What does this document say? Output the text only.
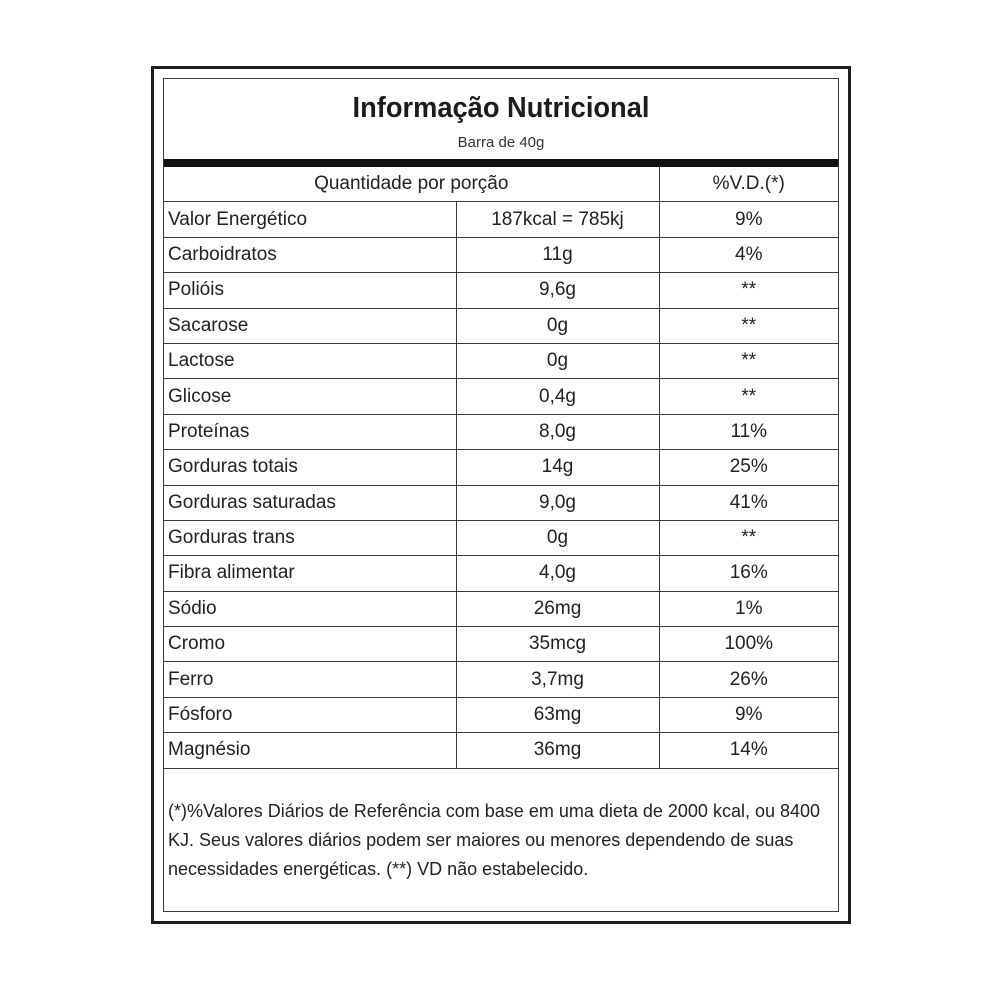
Informação Nutricional
Barra de 40g
Quantidade por porção		%V.D.(*)
Valor Energético	187kcal = 785kj	9%
Carboidratos	11g	4%
Polióis	9,6g	**
Sacarose	0g	**
Lactose	0g	**
Glicose	0,4g	**
Proteínas	8,0g	11%
Gorduras totais	14g	25%
Gorduras saturadas	9,0g	41%
Gorduras trans	0g	**
Fibra alimentar	4,0g	16%
Sódio	26mg	1%
Cromo	35mcg	100%
Ferro	3,7mg	26%
Fósforo	63mg	9%
Magnésio	36mg	14%
(*)%Valores Diários de Referência com base em uma dieta de 2000 kcal, ou 8400 KJ. Seus valores diários podem ser maiores ou menores dependendo de suas necessidades energéticas. (**) VD não estabelecido.
